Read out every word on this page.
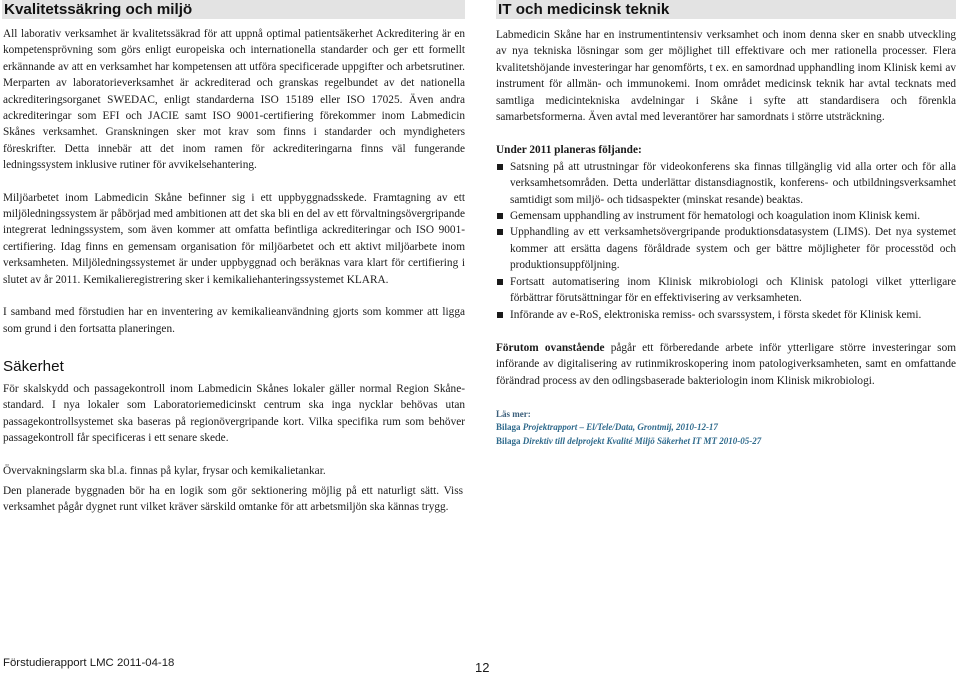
Kvalitetssäkring och miljö

All laborativ verksamhet är kvalitetssäkrad för att uppnå optimal patientsäkerhet Ackreditering är en kompetensprövning som görs enligt europeiska och internationella standarder och ger ett formellt erkännande av att en verksamhet har kompetensen att utföra specificerade uppgifter och arbetsrutiner. Merparten av laboratorieverksamhet är ackrediterad och granskas regelbundet av det nationella ackrediteringsorganet SWEDAC, enligt standarderna ISO 15189 eller ISO 17025. Även andra ackrediteringar som EFI och JACIE samt ISO 9001-certifiering förekommer inom Labmedicin Skånes verksamhet. Granskningen sker mot krav som finns i standarder och myndigheters föreskrifter. Detta innebär att det inom ramen för ackrediteringarna finns väl fungerande ledningssystem inklusive rutiner för avvikelsehantering.

Miljöarbetet inom Labmedicin Skåne befinner sig i ett uppbyggnadsskede. Framtagning av ett miljöledningssystem är påbörjad med ambitionen att det ska bli en del av ett förvaltningsövergripande integrerat ledningssystem, som även kommer att omfatta befintliga ackrediteringar och ISO 9001-certifiering. Idag finns en gemensam organisation för miljöarbetet och ett aktivt miljöarbete inom verksamheten. Miljöledningssystemet är under uppbyggnad och beräknas vara klart för certifiering i slutet av år 2011. Kemikalieregistrering sker i kemikaliehanteringssystemet KLARA.

I samband med förstudien har en inventering av kemikalieanvändning gjorts som kommer att ligga som grund i den fortsatta planeringen.

Säkerhet

För skalskydd och passagekontroll inom Labmedicin Skånes lokaler gäller normal Region Skåne-standard. I nya lokaler som Laboratoriemedicinskt centrum ska inga nycklar behövas utan passagekontrollsystemet ska baseras på regionövergripande kort. Vilka specifika rum som behöver passagekontroll får specificeras i ett senare skede.

Övervakningslarm ska bl.a. finnas på kylar, frysar och kemikalietankar.

Den planerade byggnaden bör ha en logik som gör sektionering möjlig på ett naturligt sätt. Viss verksamhet pågår dygnet runt vilket kräver särskild omtanke för att arbetsmiljön ska kännas trygg.

IT och medicinsk teknik

Labmedicin Skåne har en instrumentintensiv verksamhet och inom denna sker en snabb utveckling av nya tekniska lösningar som ger möjlighet till effektivare och mer rationella processer. Flera kvalitetshöjande investeringar har genomförts, t ex. en samordnad upphandling inom Klinisk kemi av instrument för allmän- och immunokemi. Inom området medicinsk teknik har avtal tecknats med samtliga medicintekniska avdelningar i Skåne i syfte att standardisera och förenkla samarbetsformerna. Även avtal med leverantörer har samordnats i större utsträckning.

Under 2011 planeras följande:
Satsning på att utrustningar för videokonferens ska finnas tillgänglig vid alla orter och för alla verksamhetsområden. Detta underlättar distansdiagnostik, konferens- och utbildningsverksamhet samtidigt som miljö- och tidsaspekter (minskat resande) beaktas.
Gemensam upphandling av instrument för hematologi och koagulation inom Klinisk kemi.
Upphandling av ett verksamhetsövergripande produktionsdatasystem (LIMS). Det nya systemet kommer att ersätta dagens föråldrade system och ger bättre möjligheter för processtöd och produktionsuppföljning.
Fortsatt automatisering inom Klinisk mikrobiologi och Klinisk patologi vilket ytterligare förbättrar förutsättningar för en effektivisering av verksamheten.
Införande av e-RoS, elektroniska remiss- och svarssystem, i första skedet för Klinisk kemi.

Förutom ovanstående pågår ett förberedande arbete inför ytterligare större investeringar som införande av digitalisering av rutinmikroskopering inom patologiverksamheten, samt en omfattande förändrad process av den odlingsbaserade bakteriologin inom Klinisk mikrobiologi.

Läs mer:
Bilaga Projektrapport – El/Tele/Data, Grontmij, 2010-12-17
Bilaga Direktiv till delprojekt Kvalité Miljö Säkerhet IT MT 2010-05-27
Förstudierapport LMC 2011-04-18	12
